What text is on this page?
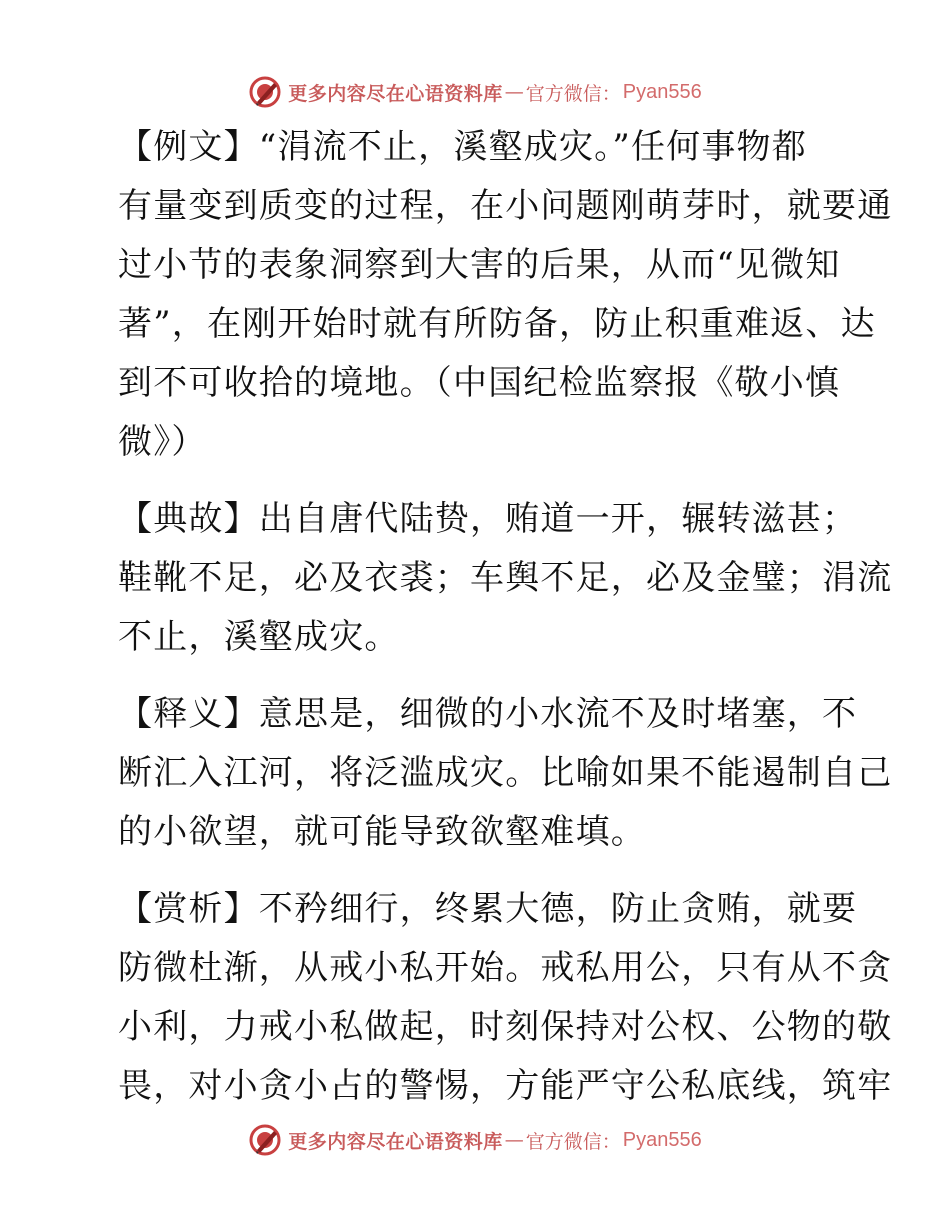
更多内容尽在心语资料库 — 官方微信： Pyan556
【例文】“涓流不止，溪壑成灾。”任何事物都
有量变到质变的过程，在小问题刚萌芽时，就要通
过小节的表象洞察到大害的后果，从而“见微知
著”，在刚开始时就有所防备，防止积重难返、达
到不可收拾的境地。（中国纪检监察报《敬小慎
微》）
【典故】出自唐代陆贽，贿道一开，辗转滋甚；
鞋靴不足，必及衣裘；车舆不足，必及金璧；涓流
不止，溪壑成灾。
【释义】意思是，细微的小水流不及时堵塞，不
断汇入江河，将泛滥成灾。比喻如果不能遏制自己
的小欲望，就可能导致欲壑难填。
【赏析】不矜细行，终累大德，防止贪贿，就要
防微杜渐，从戒小私开始。戒私用公，只有从不贪
小利，力戒小私做起，时刻保持对公权、公物的敬
畏，对小贪小占的警惕，方能严守公私底线，筑牢
更多内容尽在心语资料库 — 官方微信： Pyan556
